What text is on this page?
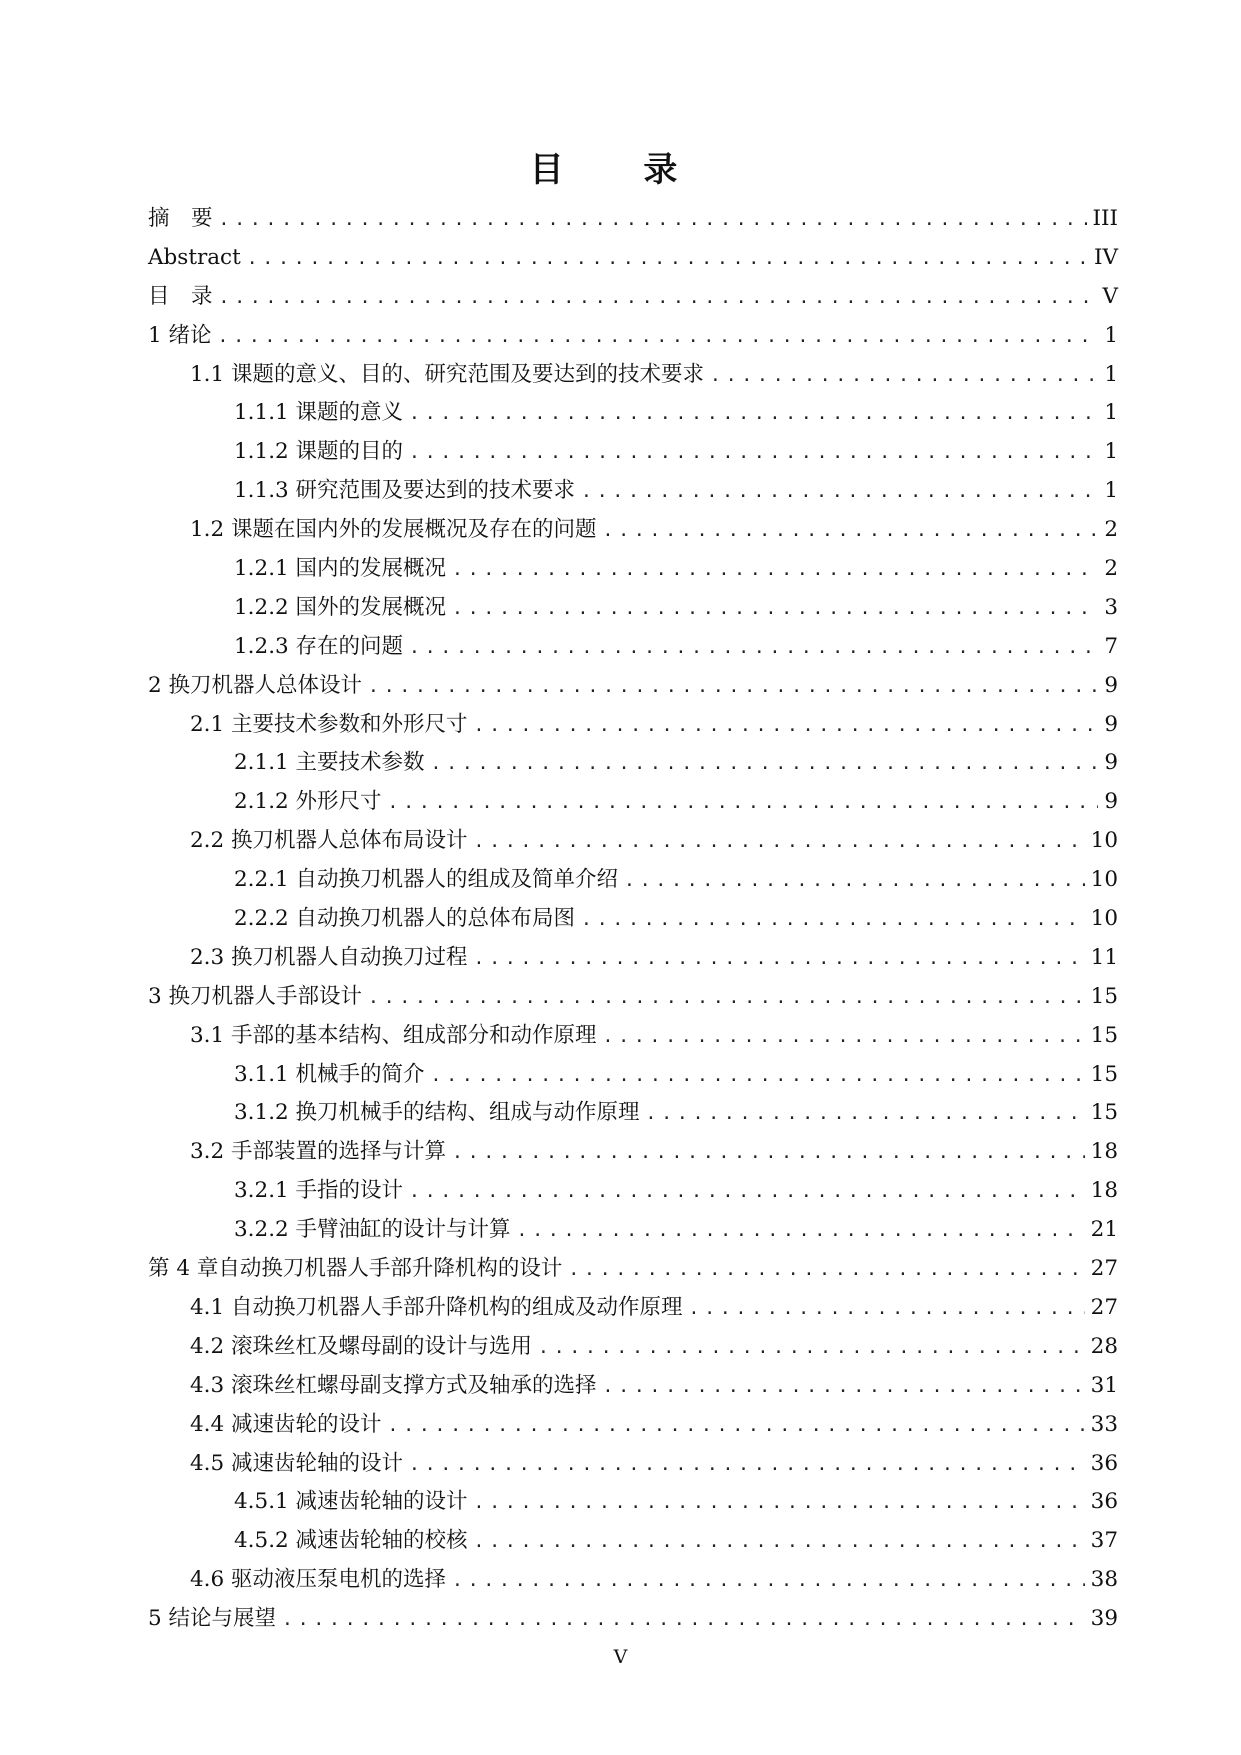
目 录
摘　要 . . .	III
Abstract . . .	IV
目　录 . . .	V
1 绪论 . . .	1
1.1 课题的意义、目的、研究范围及要达到的技术要求 . . .	1
1.1.1 课题的意义 . . .	1
1.1.2 课题的目的 . . .	1
1.1.3 研究范围及要达到的技术要求 . . .	1
1.2 课题在国内外的发展概况及存在的问题 . . .	2
1.2.1 国内的发展概况 . . .	2
1.2.2 国外的发展概况 . . .	3
1.2.3 存在的问题 . . .	7
2 换刀机器人总体设计 . . .	9
2.1 主要技术参数和外形尺寸 . . .	9
2.1.1 主要技术参数 . . .	9
2.1.2 外形尺寸 . . .	9
2.2 换刀机器人总体布局设计 . . .	10
2.2.1 自动换刀机器人的组成及简单介绍 . . .	10
2.2.2 自动换刀机器人的总体布局图 . . .	10
2.3 换刀机器人自动换刀过程 . . .	11
3 换刀机器人手部设计 . . .	15
3.1 手部的基本结构、组成部分和动作原理 . . .	15
3.1.1 机械手的简介 . . .	15
3.1.2 换刀机械手的结构、组成与动作原理 . . .	15
3.2 手部装置的选择与计算 . . .	18
3.2.1 手指的设计 . . .	18
3.2.2 手臂油缸的设计与计算 . . .	21
第 4 章自动换刀机器人手部升降机构的设计 . . .	27
4.1 自动换刀机器人手部升降机构的组成及动作原理 . . .	27
4.2 滚珠丝杠及螺母副的设计与选用 . . .	28
4.3 滚珠丝杠螺母副支撑方式及轴承的选择 . . .	31
4.4 减速齿轮的设计 . . .	33
4.5 减速齿轮轴的设计 . . .	36
4.5.1 减速齿轮轴的设计 . . .	36
4.5.2 减速齿轮轴的校核 . . .	37
4.6 驱动液压泵电机的选择 . . .	38
5 结论与展望 . . .	39
V
